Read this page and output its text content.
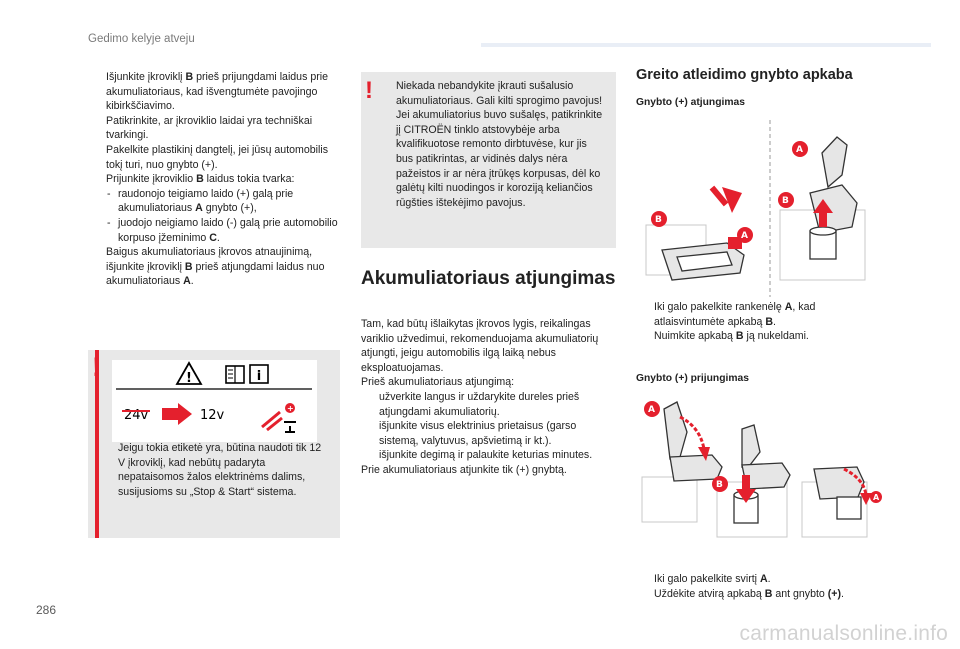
Gedimo kelyje atveju
Išjunkite įkroviklį B prieš prijungdami laidus prie akumuliatoriaus, kad išvengtumėte pavojingo kibirkščiavimo.
Patikrinkite, ar įkroviklio laidai yra techniškai tvarkingi.
Pakelkite plastikinį dangtelį, jei jūsų automobilis tokį turi, nuo gnybto (+).
Prijunkite įkroviklio B laidus tokia tvarka:
- raudonojo teigiamo laido (+) galą prie akumuliatoriaus A gnybto (+),
- juodojo neigiamo laido (-) galą prie automobilio korpuso įžeminimo C.
Baigus akumuliatoriaus įkrovos atnaujinimą, išjunkite įkroviklį B prieš atjungdami laidus nuo akumuliatoriaus A.
!	i
24v	12v	+
Jeigu tokia etiketė yra, būtina naudoti tik 12 V įkroviklį, kad nebūtų padaryta nepataisomos žalos elektrinėms dalims, susijusioms su „Stop & Start“ sistema.
!
! Niekada nebandykite įkrauti sušalusio akumuliatoriaus. Gali kilti sprogimo pavojus!
Jei akumuliatorius buvo sušalęs, patikrinkite jį CITROËN tinklo atstovybėje arba kvalifikuotose remonto dirbtuvėse, kur jis bus patikrintas, ar vidinės dalys nėra pažeistos ir ar nėra įtrūkęs korpusas, dėl ko galėtų kilti nuodingos ir koroziją keliančios rūgšties ištekėjimo pavojus.
Akumuliatoriaus atjungimas
Tam, kad būtų išlaikytas įkrovos lygis, reikalingas variklio užvedimui, rekomenduojama akumuliatorių atjungti, jeigu automobilis ilgą laiką nebus eksploatuojamas.
Prieš akumuliatoriaus atjungimą:
užverkite langus ir uždarykite dureles prieš atjungdami akumuliatorių.
išjunkite visus elektrinius prietaisus (garso sistemą, valytuvus, apšvietimą ir kt.).
išjunkite degimą ir palaukite keturias minutes.
Prie akumuliatoriaus atjunkite tik (+) gnybtą.
Greito atleidimo gnybto apkaba
Gnybto (+) atjungimas
B
A
A
B
Iki galo pakelkite rankenėlę A, kad atlaisvintumėte apkabą B.
Nuimkite apkabą B ją nukeldami.
Gnybto (+) prijungimas
A
B
A
Iki galo pakelkite svirtį A.
Uždėkite atvirą apkabą B ant gnybto (+).
286
carmanualsonline.info
